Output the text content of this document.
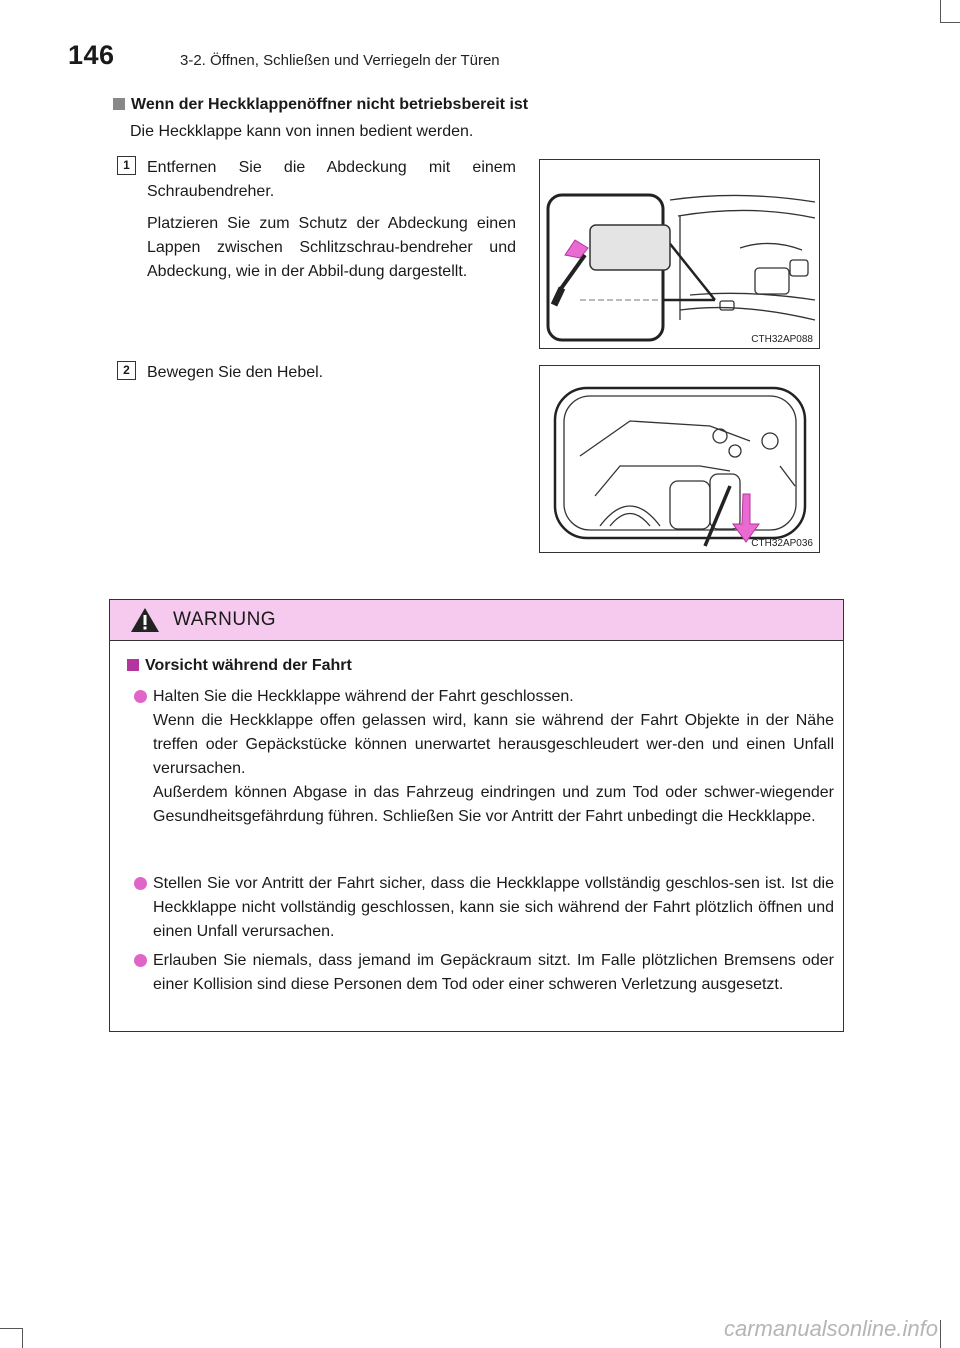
146	3-2. Öffnen, Schließen und Verriegeln der Türen
Wenn der Heckklappenöffner nicht betriebsbereit ist
Die Heckklappe kann von innen bedient werden.
1	Entfernen Sie die Abdeckung mit einem Schraubendreher.
Platzieren Sie zum Schutz der Abdeckung einen Lappen zwischen Schlitzschrau-bendreher und Abdeckung, wie in der Abbil-dung dargestellt.
CTH32AP088
2	Bewegen Sie den Hebel.
CTH32AP036
WARNUNG
Vorsicht während der Fahrt

Halten Sie die Heckklappe während der Fahrt geschlossen.

Wenn die Heckklappe offen gelassen wird, kann sie während der Fahrt Objekte in der Nähe treffen oder Gepäckstücke können unerwartet herausgeschleudert wer-den und einen Unfall verursachen.

Außerdem können Abgase in das Fahrzeug eindringen und zum Tod oder schwer-wiegender Gesundheitsgefährdung führen. Schließen Sie vor Antritt der Fahrt unbedingt die Heckklappe.

Stellen Sie vor Antritt der Fahrt sicher, dass die Heckklappe vollständig geschlos-sen ist. Ist die Heckklappe nicht vollständig geschlossen, kann sie sich während der Fahrt plötzlich öffnen und einen Unfall verursachen.

Erlauben Sie niemals, dass jemand im Gepäckraum sitzt. Im Falle plötzlichen Bremsens oder einer Kollision sind diese Personen dem Tod oder einer schweren Verletzung ausgesetzt.

carmanualsonline.info
